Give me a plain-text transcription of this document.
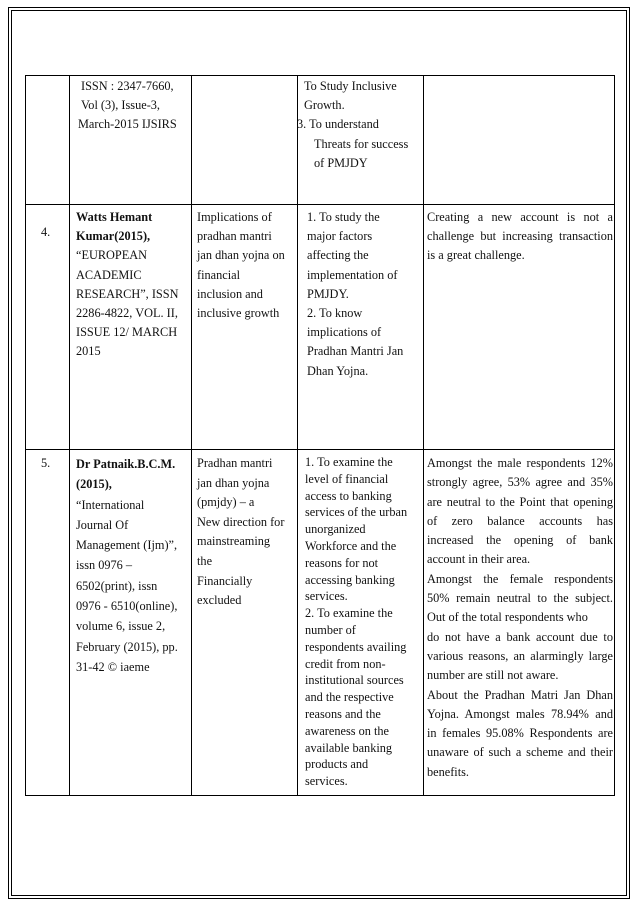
ISSN : 2347-7660,
Vol (3), Issue-3,
March-2015 IJSIRS
To Study Inclusive
Growth.
3. To understand
Threats for success
of PMJDY
4.
Watts Hemant
Kumar(2015),
“EUROPEAN
ACADEMIC
RESEARCH”, ISSN
2286-4822, VOL. II,
ISSUE 12/ MARCH
2015
Implications of
pradhan mantri
jan dhan yojna on
financial
inclusion and
inclusive growth
1. To study the
major factors
affecting the
implementation of
PMJDY.
2. To know
implications of
Pradhan Mantri Jan
Dhan Yojna.
Creating a new account is not a
challenge but increasing transaction
is a great challenge.
5. Dr Patnaik.B.C.M.
(2015),
“International
Journal Of
Management (Ijm)”,
issn 0976 –
6502(print), issn
0976 - 6510(online),
volume 6, issue 2,
February (2015), pp.
31-42 © iaeme
Pradhan mantri
jan dhan yojna
(pmjdy) – a
New direction for
mainstreaming
the
Financially
excluded
1. To examine the
level of financial
access to banking
services of the urban
unorganized
Workforce and the
reasons for not
accessing banking
services.
2. To examine the
number of
respondents availing
credit from non-
institutional sources
and the respective
reasons and the
awareness on the
available banking
products and
services.
Amongst the male respondents 12%
strongly agree, 53% agree and 35%
are neutral to the Point that opening
of zero balance accounts has
increased the opening of bank
account in their area.
Amongst the female respondents
50% remain neutral to the subject.
Out of the total respondents who
do not have a bank account due to
various reasons, an alarmingly large
number are still not aware.
About the Pradhan Matri Jan Dhan
Yojna. Amongst males 78.94% and
in females 95.08% Respondents are
unaware of such a scheme and their
benefits.
